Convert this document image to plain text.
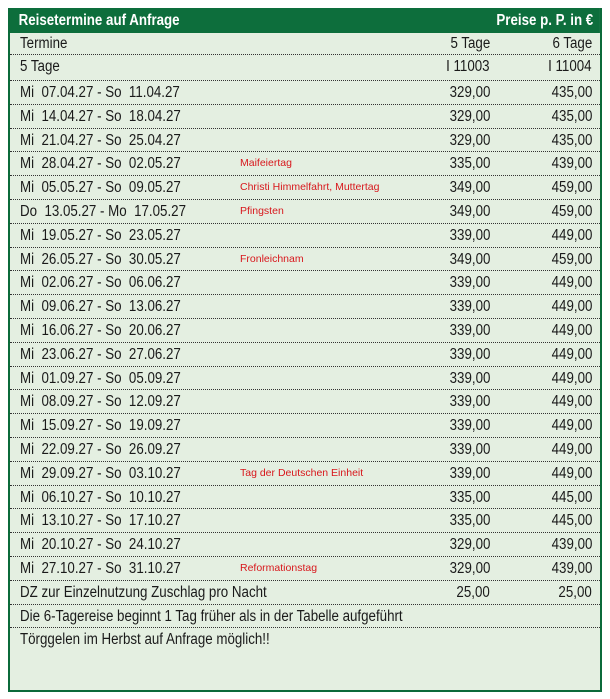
Reisetermine auf Anfrage	Preise p. P. in €
Termine	5 Tage	6 Tage
5 Tage	I 11003	I 11004
Mi  07.04.27 - So  11.04.27	329,00	435,00
Mi  14.04.27 - So  18.04.27	329,00	435,00
Mi  21.04.27 - So  25.04.27	329,00	435,00
Mi  28.04.27 - So  02.05.27	Maifeiertag	335,00	439,00
Mi  05.05.27 - So  09.05.27	Christi Himmelfahrt, Muttertag	349,00	459,00
Do  13.05.27 - Mo  17.05.27	Pfingsten	349,00	459,00
Mi  19.05.27 - So  23.05.27	339,00	449,00
Mi  26.05.27 - So  30.05.27	Fronleichnam	349,00	459,00
Mi  02.06.27 - So  06.06.27	339,00	449,00
Mi  09.06.27 - So  13.06.27	339,00	449,00
Mi  16.06.27 - So  20.06.27	339,00	449,00
Mi  23.06.27 - So  27.06.27	339,00	449,00
Mi  01.09.27 - So  05.09.27	339,00	449,00
Mi  08.09.27 - So  12.09.27	339,00	449,00
Mi  15.09.27 - So  19.09.27	339,00	449,00
Mi  22.09.27 - So  26.09.27	339,00	449,00
Mi  29.09.27 - So  03.10.27	Tag der Deutschen Einheit	339,00	449,00
Mi  06.10.27 - So  10.10.27	335,00	445,00
Mi  13.10.27 - So  17.10.27	335,00	445,00
Mi  20.10.27 - So  24.10.27	329,00	439,00
Mi  27.10.27 - So  31.10.27	Reformationstag	329,00	439,00
DZ zur Einzelnutzung Zuschlag pro Nacht	25,00	25,00
Die 6-Tagereise beginnt 1 Tag früher als in der Tabelle aufgeführt
Törggelen im Herbst auf Anfrage möglich!!
